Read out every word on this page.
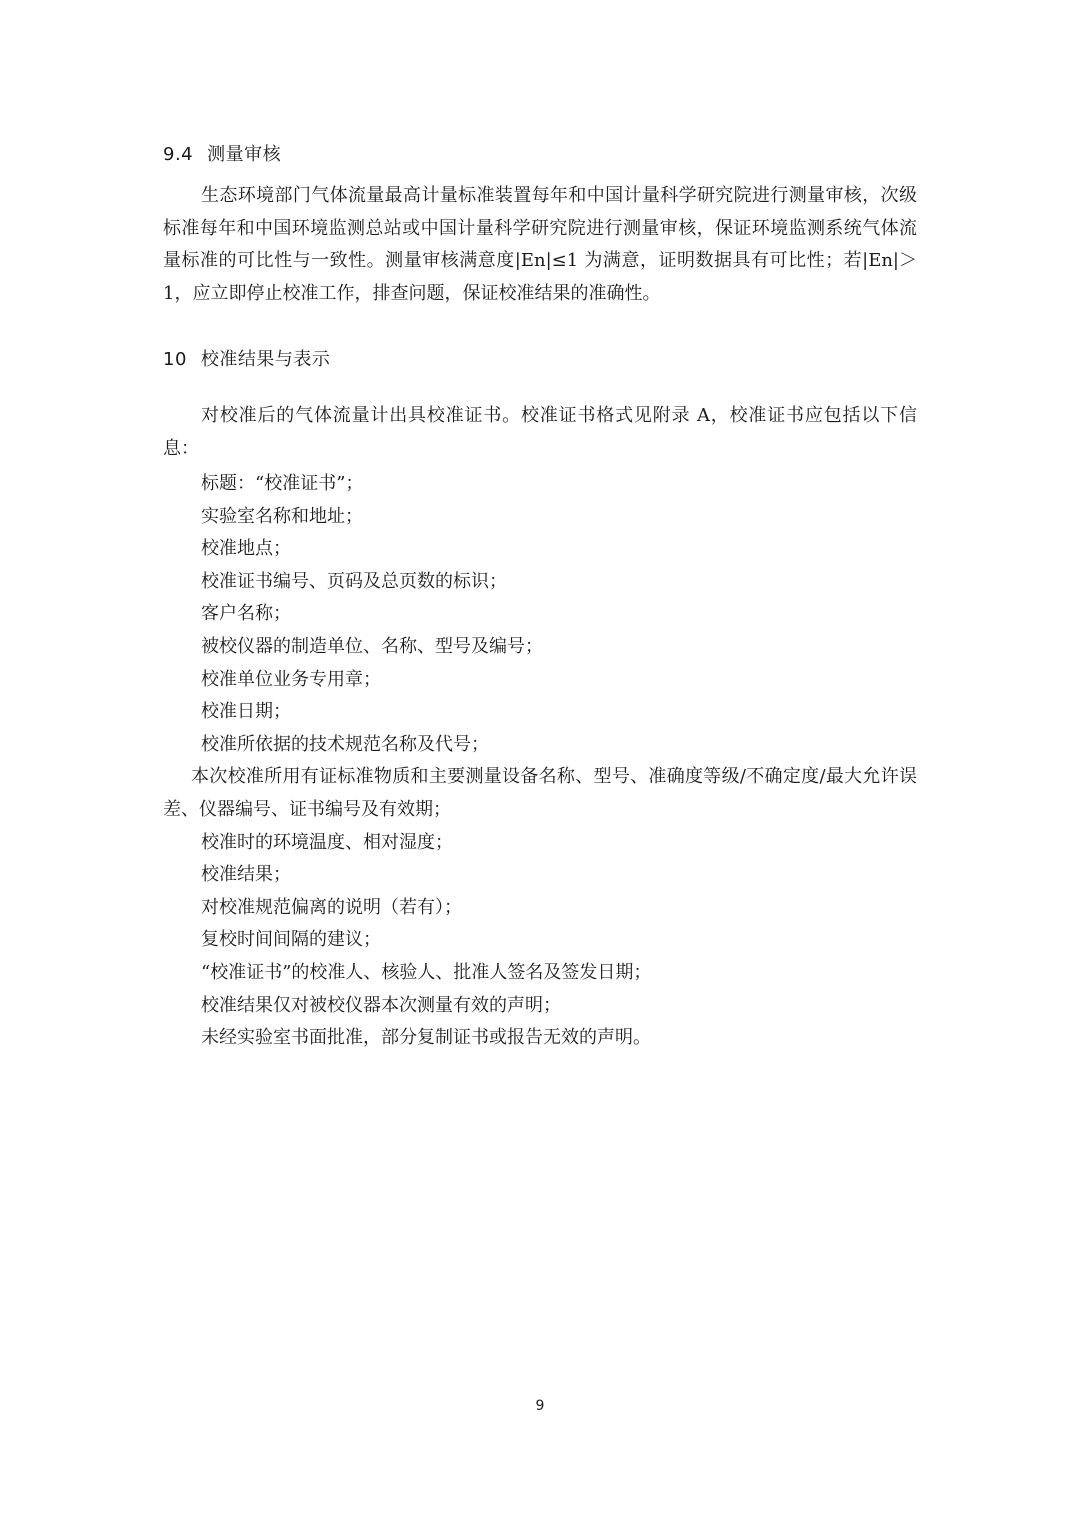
9.4 测量审核

生态环境部门气体流量最高计量标准装置每年和中国计量科学研究院进行测量审核，次级标准每年和中国环境监测总站或中国计量科学研究院进行测量审核，保证环境监测系统气体流量标准的可比性与一致性。测量审核满意度|En|≤1 为满意，证明数据具有可比性；若|En|＞1，应立即停止校准工作，排查问题，保证校准结果的准确性。

10 校准结果与表示

对校准后的气体流量计出具校准证书。校准证书格式见附录 A，校准证书应包括以下信息：

标题：“校准证书”；
实验室名称和地址；
校准地点；
校准证书编号、页码及总页数的标识；
客户名称；
被校仪器的制造单位、名称、型号及编号；
校准单位业务专用章；
校准日期；
校准所依据的技术规范名称及代号；
本次校准所用有证标准物质和主要测量设备名称、型号、准确度等级/不确定度/最大允许误差、仪器编号、证书编号及有效期；
校准时的环境温度、相对湿度；
校准结果；
对校准规范偏离的说明（若有）；
复校时间间隔的建议；
“校准证书”的校准人、核验人、批准人签名及签发日期；
校准结果仅对被校仪器本次测量有效的声明；
未经实验室书面批准，部分复制证书或报告无效的声明。
9
